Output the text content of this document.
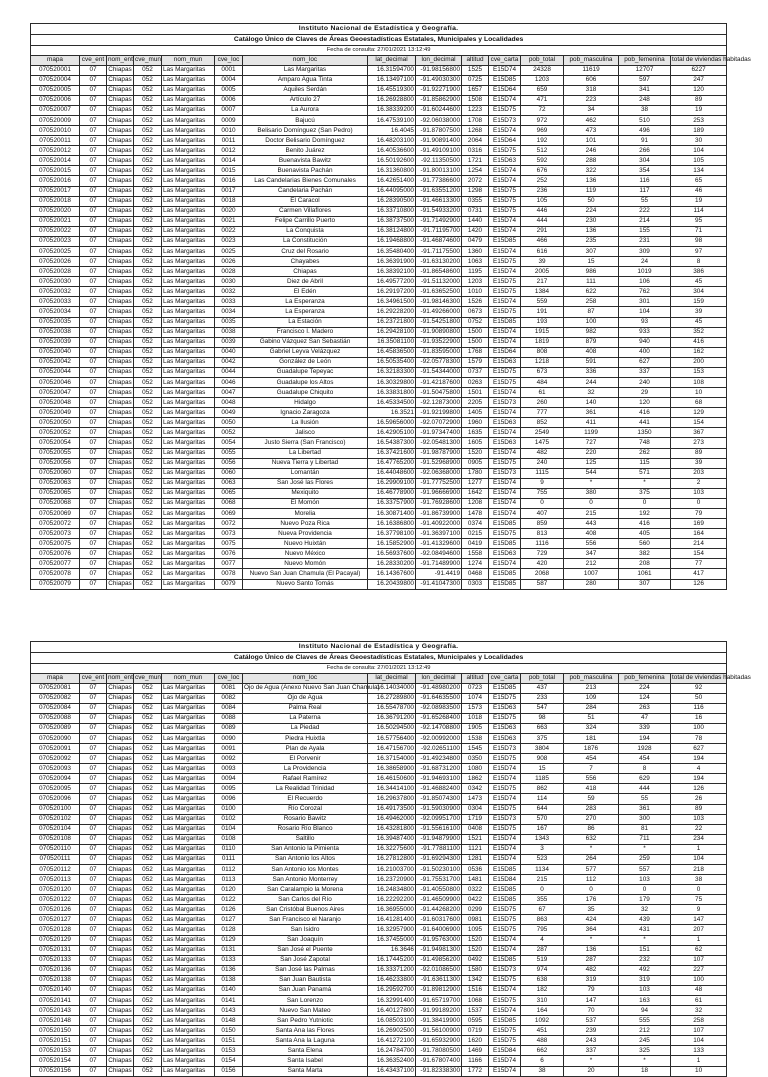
Instituto Nacional de Estadística y Geografía.														
Catálogo Único de Claves de Áreas Geoestadísticas Estatales, Municipales y Localidades														
Fecha de consulta: 27/01/2021 13:12:49														
mapa	cve_ent	nom_ent	cve_mun	nom_mun	cve_loc	nom_loc	lat_decimal	lon_decimal	altitud	cve_carta	pob_total	pob_masculina	pob_femenina	total de viviendas habitadas
070520001	07	Chiapas	052	Las Margaritas	0001	Las Margaritas	16.31594700	-91.98156800	1525	E15D74	24328	11619	12707	6227
070520004	07	Chiapas	052	Las Margaritas	0004	Amparo Agua Tinta	16.13497100	-91.49030300	0725	E15D85	1203	606	597	247
070520005	07	Chiapas	052	Las Margaritas	0005	Aquiles Serdán	16.45519300	-91.92271900	1657	E15D64	659	318	341	120
070520006	07	Chiapas	052	Las Margaritas	0006	Artículo 27	16.26928800	-91.85862900	1508	E15D74	471	223	248	89
070520007	07	Chiapas	052	Las Margaritas	0007	La Aurora	16.38339200	-91.60244600	1223	E15D75	72	34	38	19
070520009	07	Chiapas	052	Las Margaritas	0009	Bajucú	16.47539100	-92.06038000	1708	E15D73	972	462	510	253
070520010	07	Chiapas	052	Las Margaritas	0010	Belisario Domínguez (San Pedro)	16.4045	-91.87807500	1268	E15D74	969	473	496	189
070520011	07	Chiapas	052	Las Margaritas	0011	Doctor Belisario Domínguez	16.48203100	-91.90891400	2064	E15D64	192	101	91	30
070520012	07	Chiapas	052	Las Margaritas	0012	Benito Juárez	16.40536600	-91.49109100	0316	E15D75	512	246	266	104
070520014	07	Chiapas	052	Las Margaritas	0014	Buenavista Bawitz	16.50192600	-92.11350500	1721	E15D63	592	288	304	105
070520015	07	Chiapas	052	Las Margaritas	0015	Buenavista Pachán	16.31360800	-91.80013100	1254	E15D74	676	322	354	134
070520016	07	Chiapas	052	Las Margaritas	0016	Las Candelarias Bienes Comunales	16.42651400	-91.77386600	2072	E15D74	252	136	116	65
070520017	07	Chiapas	052	Las Margaritas	0017	Candelaria Pachán	16.44095000	-91.63551200	1298	E15D75	236	119	117	46
070520018	07	Chiapas	052	Las Margaritas	0018	El Caracol	16.28390500	-91.46613300	0355	E15D75	105	50	55	19
070520020	07	Chiapas	052	Las Margaritas	0020	Carmen Villaflores	16.33710800	-91.54933200	0731	E15D75	446	224	222	114
070520021	07	Chiapas	052	Las Margaritas	0021	Felipe Carrillo Puerto	16.38737500	-91.71492900	1440	E15D74	444	230	214	95
070520022	07	Chiapas	052	Las Margaritas	0022	La Conquista	16.38124800	-91.71195700	1420	E15D74	291	136	155	71
070520023	07	Chiapas	052	Las Margaritas	0023	La Constitución	16.19468800	-91.46874600	0479	E15D85	466	235	231	98
070520025	07	Chiapas	052	Las Margaritas	0025	Cruz del Rosario	16.35480400	-91.71175500	1360	E15D74	616	307	309	97
070520026	07	Chiapas	052	Las Margaritas	0026	Chayabes	16.36391900	-91.63130200	1063	E15D75	39	15	24	8
070520028	07	Chiapas	052	Las Margaritas	0028	Chiapas	16.38392100	-91.86548600	1195	E15D74	2005	986	1019	386
070520030	07	Chiapas	052	Las Margaritas	0030	Diez de Abril	16.49577200	-91.51132000	1203	E15D75	217	111	106	45
070520032	07	Chiapas	052	Las Margaritas	0032	El Edén	16.29197200	-91.63652500	1010	E15D75	1384	622	762	304
070520033	07	Chiapas	052	Las Margaritas	0033	La Esperanza	16.34961500	-91.98146300	1526	E15D74	559	258	301	159
070520034	07	Chiapas	052	Las Margaritas	0034	La Esperanza	16.29228200	-91.49266000	0673	E15D75	191	87	104	39
070520035	07	Chiapas	052	Las Margaritas	0035	La Estación	16.23721800	-91.54251800	0752	E15D85	193	100	93	45
070520038	07	Chiapas	052	Las Margaritas	0038	Francisco I. Madero	16.29428100	-91.90890800	1500	E15D74	1915	982	933	352
070520039	07	Chiapas	052	Las Margaritas	0039	Gabino Vázquez San Sebastián	16.35081100	-91.93522900	1500	E15D74	1819	879	940	416
070520040	07	Chiapas	052	Las Margaritas	0040	Gabriel Leyva Velázquez	16.45836500	-91.83595000	1768	E15D64	808	408	400	162
070520042	07	Chiapas	052	Las Margaritas	0042	González de León	16.50535400	-92.05778300	1579	E15D63	1218	591	627	200
070520044	07	Chiapas	052	Las Margaritas	0044	Guadalupe Tepeyac	16.32183300	-91.54344000	0737	E15D75	673	336	337	153
070520046	07	Chiapas	052	Las Margaritas	0046	Guadalupe los Altos	16.30329800	-91.42187600	0263	E15D75	484	244	240	108
070520047	07	Chiapas	052	Las Margaritas	0047	Guadalupe Chiquito	16.33831800	-91.50475800	1501	E15D74	61	32	29	10
070520048	07	Chiapas	052	Las Margaritas	0048	Hidalgo	16.45334500	-92.12873000	2205	E15D73	260	140	120	68
070520049	07	Chiapas	052	Las Margaritas	0049	Ignacio Zaragoza	16.3521	-91.92199800	1405	E15D74	777	361	416	129
070520050	07	Chiapas	052	Las Margaritas	0050	La Ilusión	16.59656000	-92.07072900	1960	E15D63	852	411	441	154
070520052	07	Chiapas	052	Las Margaritas	0052	Jalisco	16.42905100	-91.97347400	1635	E15D74	2549	1199	1350	367
070520054	07	Chiapas	052	Las Margaritas	0054	Justo Sierra (San Francisco)	16.54387300	-92.05481300	1605	E15D63	1475	727	748	273
070520055	07	Chiapas	052	Las Margaritas	0055	La Libertad	16.37421600	-91.98787900	1520	E15D74	482	220	262	89
070520056	07	Chiapas	052	Las Margaritas	0056	Nueva Tierra y Libertad	16.47765200	-91.52968900	0905	E15D75	240	125	115	39
070520060	07	Chiapas	052	Las Margaritas	0060	Lomantán	16.44048600	-92.06368000	1780	E15D73	1115	544	571	203
070520063	07	Chiapas	052	Las Margaritas	0063	San José las Flores	16.29909100	-91.77752500	1277	E15D74	9	*	*	2
070520065	07	Chiapas	052	Las Margaritas	0065	Mexiquito	16.46778900	-91.96666900	1642	E15D74	755	380	375	103
070520068	07	Chiapas	052	Las Margaritas	0068	El Momón	16.33757900	-91.76928600	1208	E15D74	0	0	0	0
070520069	07	Chiapas	052	Las Margaritas	0069	Morelia	16.30871400	-91.86739900	1478	E15D74	407	215	192	79
070520072	07	Chiapas	052	Las Margaritas	0072	Nuevo Poza Rica	16.16386800	-91.40922000	0374	E15D85	859	443	416	169
070520073	07	Chiapas	052	Las Margaritas	0073	Nueva Providencia	16.37798100	-91.36397100	0215	E15D75	813	408	405	164
070520075	07	Chiapas	052	Las Margaritas	0075	Nuevo Huixtán	16.15852900	-91.41329600	0419	E15D85	1116	556	560	214
070520076	07	Chiapas	052	Las Margaritas	0076	Nuevo México	16.56937600	-92.08494600	1558	E15D63	729	347	382	154
070520077	07	Chiapas	052	Las Margaritas	0077	Nuevo Momón	16.28330200	-91.71489900	1274	E15D74	420	212	208	77
070520078	07	Chiapas	052	Las Margaritas	0078	Nuevo San Juan Chamula (El Pacayal)	16.14367600	-91.4419	0468	E15D85	2068	1007	1061	417
070520079	07	Chiapas	052	Las Margaritas	0079	Nuevo Santo Tomás	16.20439800	-91.41047300	0303	E15D85	587	280	307	126
Instituto Nacional de Estadística y Geografía.														
Catálogo Único de Claves de Áreas Geoestadísticas Estatales, Municipales y Localidades														
Fecha de consulta: 27/01/2021 13:12:49														
mapa	cve_ent	nom_ent	cve_mun	nom_mun	cve_loc	nom_loc	lat_decimal	lon_decimal	altitud	cve_carta	pob_total	pob_masculina	pob_femenina	total de viviendas habitadas
070520081	07	Chiapas	052	Las Margaritas	0081	Ojo de Agua (Anexo Nuevo San Juan Chamula)	16.14034000	-91.48980200	0723	E15D85	437	213	224	92
070520082	07	Chiapas	052	Las Margaritas	0082	Ojo de Agua	16.27289800	-91.64635500	1074	E15D75	233	109	124	50
070520084	07	Chiapas	052	Las Margaritas	0084	Palma Real	16.55478700	-92.08983500	1573	E15D63	547	284	263	116
070520088	07	Chiapas	052	Las Margaritas	0088	La Paterna	16.36791200	-91.65268400	1018	E15D75	98	51	47	16
070520089	07	Chiapas	052	Las Margaritas	0089	La Piedad	16.50294500	-92.14708800	1905	E15D63	663	324	339	100
070520090	07	Chiapas	052	Las Margaritas	0090	Piedra Huixtla	16.57756400	-92.00992000	1538	E15D63	375	181	194	78
070520091	07	Chiapas	052	Las Margaritas	0091	Plan de Ayala	16.47156700	-92.02651100	1545	E15D73	3804	1876	1928	627
070520092	07	Chiapas	052	Las Margaritas	0092	El Porvenir	16.37154000	-91.49234800	0350	E15D75	908	454	454	194
070520093	07	Chiapas	052	Las Margaritas	0093	La Providencia	16.38658900	-91.68731200	1080	E15D74	15	7	8	4
070520094	07	Chiapas	052	Las Margaritas	0094	Rafael Ramírez	16.46150600	-91.94693100	1862	E15D74	1185	556	629	194
070520095	07	Chiapas	052	Las Margaritas	0095	La Realidad Trinidad	16.34414100	-91.46882400	0342	E15D75	862	418	444	126
070520096	07	Chiapas	052	Las Margaritas	0096	El Recuerdo	16.29637800	-91.85074300	1473	E15D74	114	59	55	26
070520100	07	Chiapas	052	Las Margaritas	0100	Río Corozal	16.49173500	-91.59030900	0304	E15D75	644	283	361	89
070520102	07	Chiapas	052	Las Margaritas	0102	Rosario Bawitz	16.49462000	-92.09951700	1719	E15D73	570	270	300	103
070520104	07	Chiapas	052	Las Margaritas	0104	Rosario Río Blanco	16.43281800	-91.55616100	0408	E15D75	167	86	81	22
070520108	07	Chiapas	052	Las Margaritas	0108	Saltillo	16.39487400	-91.94879900	1521	E15D74	1343	632	711	234
070520110	07	Chiapas	052	Las Margaritas	0110	San Antonio la Pimienta	16.32275600	-91.77881100	1121	E15D74	3	*	*	1
070520111	07	Chiapas	052	Las Margaritas	0111	San Antonio los Altos	16.27812800	-91.69294300	1281	E15D74	523	264	259	104
070520112	07	Chiapas	052	Las Margaritas	0112	San Antonio los Montes	16.21003700	-91.50230100	0536	E15D85	1134	577	557	218
070520113	07	Chiapas	052	Las Margaritas	0113	San Antonio Monterrey	16.23720900	-91.75531700	1481	E15D84	215	112	103	38
070520120	07	Chiapas	052	Las Margaritas	0120	San Caralampio la Morena	16.24834800	-91.40550800	0322	E15D85	0	0	0	0
070520122	07	Chiapas	052	Las Margaritas	0122	San Carlos del Río	16.22292200	-91.46509900	0422	E15D85	355	176	179	75
070520126	07	Chiapas	052	Las Margaritas	0126	San Cristóbal Buenos Aires	16.36955000	-91.44268200	0299	E15D75	67	35	32	9
070520127	07	Chiapas	052	Las Margaritas	0127	San Francisco el Naranjo	16.41281400	-91.60317600	0981	E15D75	863	424	439	147
070520128	07	Chiapas	052	Las Margaritas	0128	San Isidro	16.32957900	-91.64006900	1095	E15D75	795	364	431	207
070520129	07	Chiapas	052	Las Margaritas	0129	San Joaquín	16.37455000	-91.95763000	1520	E15D74	4	*	*	1
070520131	07	Chiapas	052	Las Margaritas	0131	San José el Puente	16.3646	-91.94981300	1520	E15D74	287	136	151	62
070520133	07	Chiapas	052	Las Margaritas	0133	San José Zapotal	16.17445200	-91.49856200	0492	E15D85	519	287	232	107
070520136	07	Chiapas	052	Las Margaritas	0136	San José las Palmas	16.33371200	-92.01086500	1580	E15D73	974	482	492	227
070520138	07	Chiapas	052	Las Margaritas	0138	San Juan Bautista	16.46233800	-91.63611300	1342	E15D75	638	319	319	100
070520140	07	Chiapas	052	Las Margaritas	0140	San Juan Panamá	16.29592700	-91.89812900	1516	E15D74	182	79	103	48
070520141	07	Chiapas	052	Las Margaritas	0141	San Lorenzo	16.32991400	-91.65719700	1068	E15D75	310	147	163	61
070520143	07	Chiapas	052	Las Margaritas	0143	Nuevo San Mateo	16.40127800	-91.99189200	1537	E15D74	164	70	94	32
070520148	07	Chiapas	052	Las Margaritas	0148	San Pedro Yutniotic	16.08503100	-91.38419900	0595	E15D85	1092	537	555	258
070520150	07	Chiapas	052	Las Margaritas	0150	Santa Ana las Flores	16.26902500	-91.56100900	0719	E15D75	451	239	212	107
070520151	07	Chiapas	052	Las Margaritas	0151	Santa Ana la Laguna	16.41272100	-91.65932900	1620	E15D75	488	243	245	104
070520153	07	Chiapas	052	Las Margaritas	0153	Santa Elena	16.24784700	-91.78080500	1469	E15D84	662	337	325	133
070520154	07	Chiapas	052	Las Margaritas	0154	Santa Isabel	16.36352400	-91.67807400	1166	E15D74	6	*	*	1
070520156	07	Chiapas	052	Las Margaritas	0156	Santa Marta	16.43437100	-91.82338300	1772	E15D74	38	20	18	10
